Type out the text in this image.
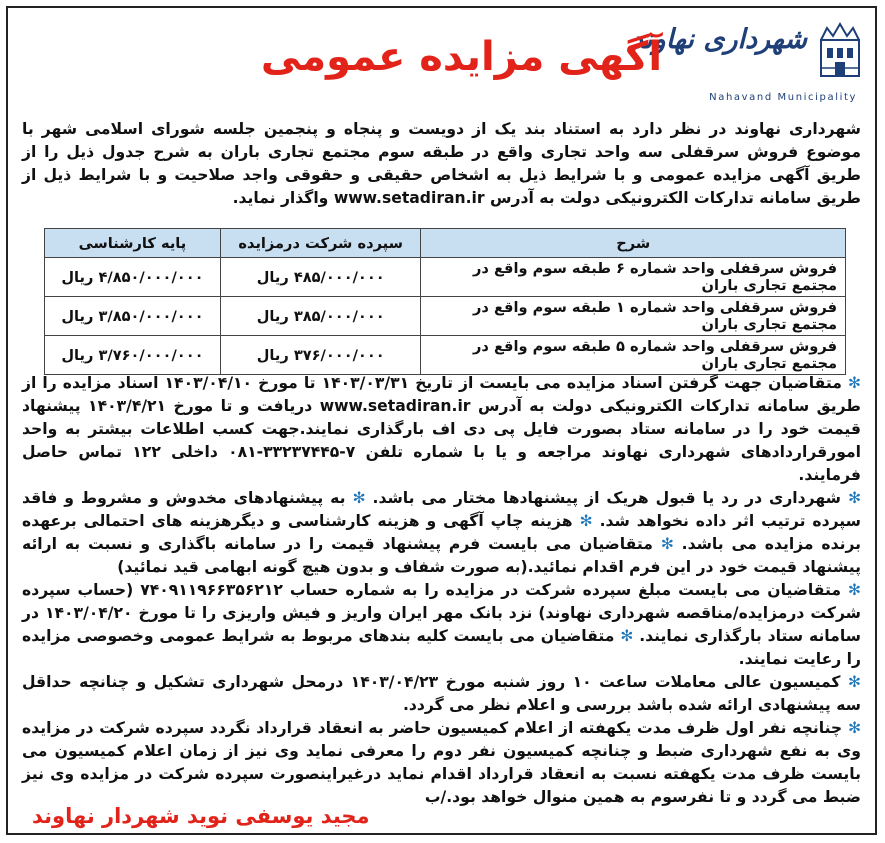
شهرداری نهاوند
Nahavand Municipality
آگهی مزایده عمومی
شهرداری نهاوند در نظر دارد به استناد بند یک از دویست و پنجاه و پنجمین جلسه شورای اسلامی شهر با موضوع فروش سرقفلی سه واحد تجاری واقع در طبقه سوم مجتمع تجاری باران به شرح جدول ذیل را از طریق آگهی مزایده عمومی و با شرایط ذیل به اشخاص حقیقی و حقوقی واجد صلاحیت و با شرایط ذیل از طریق سامانه تدارکات الکترونیکی دولت به آدرس www.setadiran.ir واگذار نماید.
شرح	سپرده شرکت درمزایده	پایه کارشناسی
فروش سرقفلی واحد شماره ۶ طبقه سوم واقع در مجتمع تجاری باران	۴۸۵/۰۰۰/۰۰۰ ریال	۴/۸۵۰/۰۰۰/۰۰۰ ریال
فروش سرقفلی واحد شماره ۱ طبقه سوم واقع در مجتمع تجاری باران	۳۸۵/۰۰۰/۰۰۰ ریال	۳/۸۵۰/۰۰۰/۰۰۰ ریال
فروش سرقفلی واحد شماره ۵ طبقه سوم واقع در مجتمع تجاری باران	۳۷۶/۰۰۰/۰۰۰ ریال	۳/۷۶۰/۰۰۰/۰۰۰ ریال
✻ متقاضیان جهت گرفتن اسناد مزایده می بایست از تاریخ ۱۴۰۳/۰۳/۳۱ تا مورخ ۱۴۰۳/۰۴/۱۰ اسناد مزایده را از طریق سامانه تدارکات الکترونیکی دولت به آدرس www.setadiran.ir دریافت و تا مورخ ۱۴۰۳/۴/۲۱ پیشنهاد قیمت خود را در سامانه ستاد بصورت فایل پی دی اف بارگذاری نمایند.جهت کسب اطلاعات بیشتر به واحد امورقراردادهای شهرداری نهاوند مراجعه و یا با شماره تلفن ۷-۳۳۲۳۷۴۴۵-۰۸۱ داخلی ۱۲۲ تماس حاصل فرمایند.
✻ شهرداری در رد یا قبول هریک از پیشنهادها مختار می باشد. ✻ به پیشنهادهای مخدوش و مشروط و فاقد سپرده ترتیب اثر داده نخواهد شد. ✻ هزینه چاپ آگهی و هزینه کارشناسی و دیگرهزینه های احتمالی برعهده برنده مزایده می باشد. ✻ متقاضیان می بایست فرم پیشنهاد قیمت را در سامانه باگذاری و نسبت به ارائه پیشنهاد قیمت خود در این فرم اقدام نمائید.(به صورت شفاف و بدون هیچ گونه ابهامی قید نمائید)
✻ متقاضیان می بایست مبلغ سپرده شرکت در مزایده را به شماره حساب ۷۴۰۹۱۱۹۶۶۳۵۶۲۱۲ (حساب سپرده شرکت درمزایده/مناقصه شهرداری نهاوند) نزد بانک مهر ایران واریز و فیش واریزی را تا مورخ ۱۴۰۳/۰۴/۲۰ در سامانه ستاد بارگذاری نمایند. ✻ متقاضیان می بایست کلیه بندهای مربوط به شرایط عمومی وخصوصی مزایده را رعایت نمایند.
✻ کمیسیون عالی معاملات ساعت ۱۰ روز شنبه مورخ ۱۴۰۳/۰۴/۲۳ درمحل شهرداری تشکیل و چنانچه حداقل سه پیشنهادی ارائه شده باشد بررسی و اعلام نظر می گردد.
✻ چنانچه نفر اول ظرف مدت یکهفته از اعلام کمیسیون حاضر به انعقاد قرارداد نگردد سپرده شرکت در مزایده وی به نفع شهرداری ضبط و چنانچه کمیسیون نفر دوم را معرفی نماید وی نیز از زمان اعلام کمیسیون می بایست ظرف مدت یکهفته نسبت به انعقاد قرارداد اقدام نماید درغیراینصورت سپرده شرکت در مزایده وی نیز ضبط می گردد و تا نفرسوم به همین منوال خواهد بود./ب
مجید یوسفی نوید شهردار نهاوند
